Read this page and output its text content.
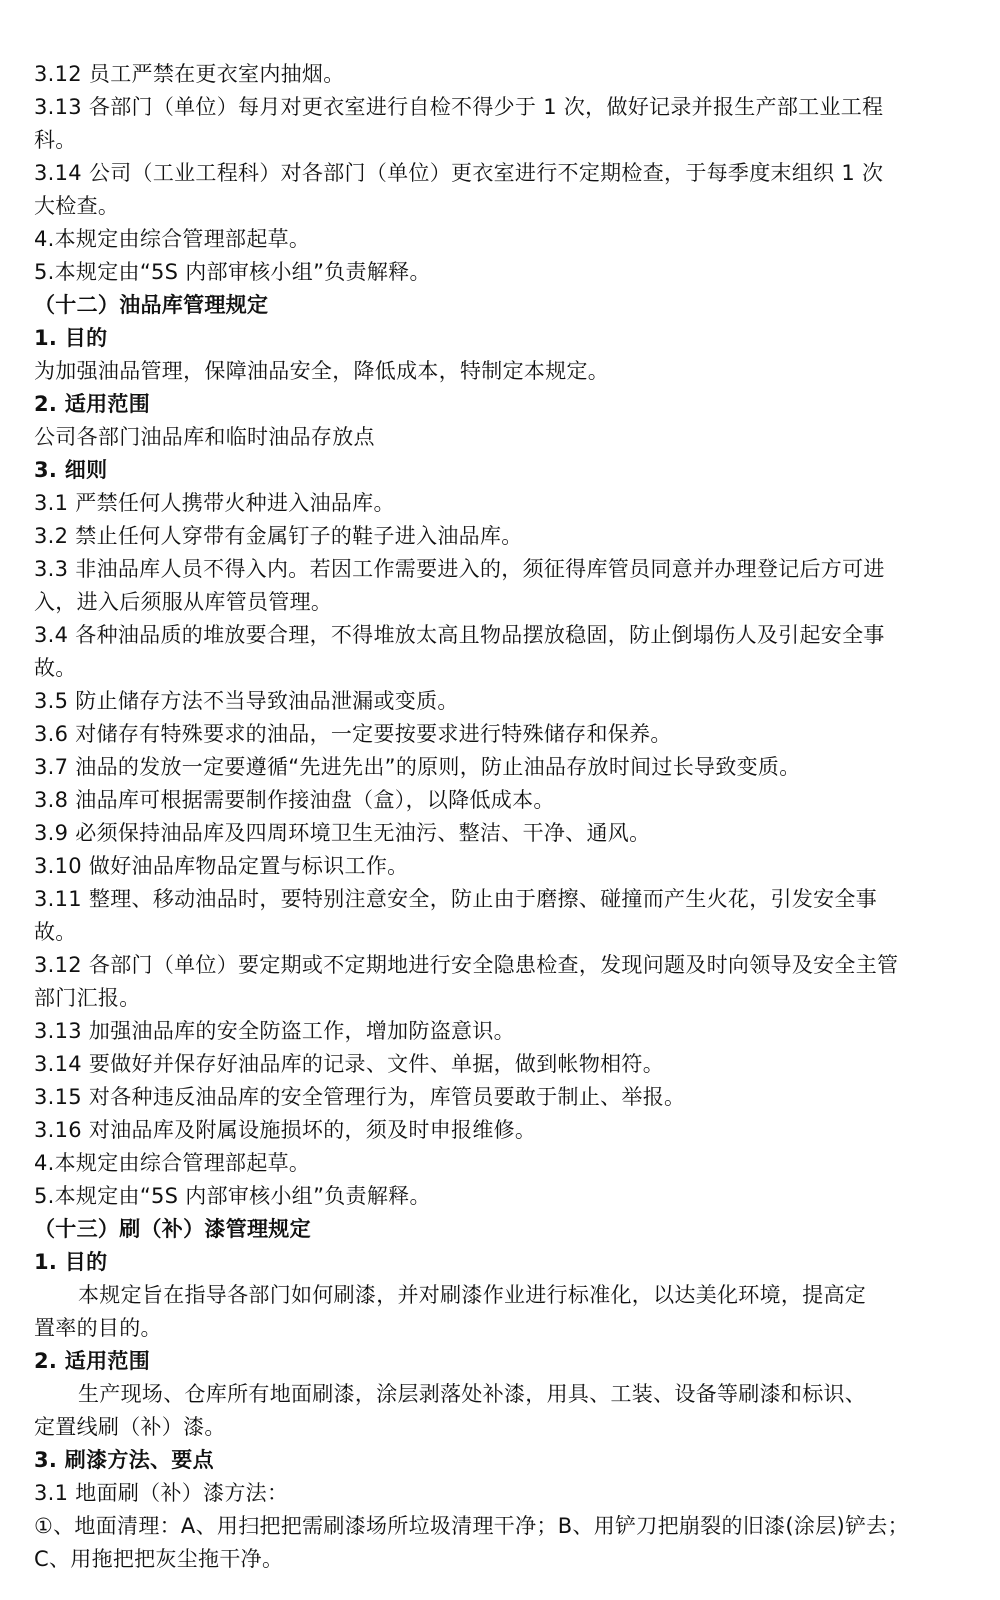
3.12 员工严禁在更衣室内抽烟。
3.13 各部门（单位）每月对更衣室进行自检不得少于 1 次，做好记录并报生产部工业工程
科。
3.14 公司（工业工程科）对各部门（单位）更衣室进行不定期检查，于每季度末组织 1 次
大检查。
4.本规定由综合管理部起草。
5.本规定由“5S 内部审核小组”负责解释。
（十二）油品库管理规定
1. 目的
为加强油品管理，保障油品安全，降低成本，特制定本规定。
2. 适用范围
公司各部门油品库和临时油品存放点
3. 细则
3.1 严禁任何人携带火种进入油品库。
3.2 禁止任何人穿带有金属钉子的鞋子进入油品库。
3.3 非油品库人员不得入内。若因工作需要进入的，须征得库管员同意并办理登记后方可进
入，进入后须服从库管员管理。
3.4 各种油品质的堆放要合理，不得堆放太高且物品摆放稳固，防止倒塌伤人及引起安全事
故。
3.5 防止储存方法不当导致油品泄漏或变质。
3.6 对储存有特殊要求的油品，一定要按要求进行特殊储存和保养。
3.7 油品的发放一定要遵循“先进先出”的原则，防止油品存放时间过长导致变质。
3.8 油品库可根据需要制作接油盘（盒），以降低成本。
3.9 必须保持油品库及四周环境卫生无油污、整洁、干净、通风。
3.10 做好油品库物品定置与标识工作。
3.11 整理、移动油品时，要特别注意安全，防止由于磨擦、碰撞而产生火花，引发安全事
故。
3.12 各部门（单位）要定期或不定期地进行安全隐患检查，发现问题及时向领导及安全主管
部门汇报。
3.13 加强油品库的安全防盗工作，增加防盗意识。
3.14 要做好并保存好油品库的记录、文件、单据，做到帐物相符。
3.15 对各种违反油品库的安全管理行为，库管员要敢于制止、举报。
3.16 对油品库及附属设施损坏的，须及时申报维修。
4.本规定由综合管理部起草。
5.本规定由“5S 内部审核小组”负责解释。
（十三）刷（补）漆管理规定
1. 目的
本规定旨在指导各部门如何刷漆，并对刷漆作业进行标准化，以达美化环境，提高定
置率的目的。
2. 适用范围
生产现场、仓库所有地面刷漆，涂层剥落处补漆，用具、工装、设备等刷漆和标识、
定置线刷（补）漆。
3. 刷漆方法、要点
3.1 地面刷（补）漆方法：
①、地面清理：A、用扫把把需刷漆场所垃圾清理干净；B、用铲刀把崩裂的旧漆(涂层)铲去；
C、用拖把把灰尘拖干净。
